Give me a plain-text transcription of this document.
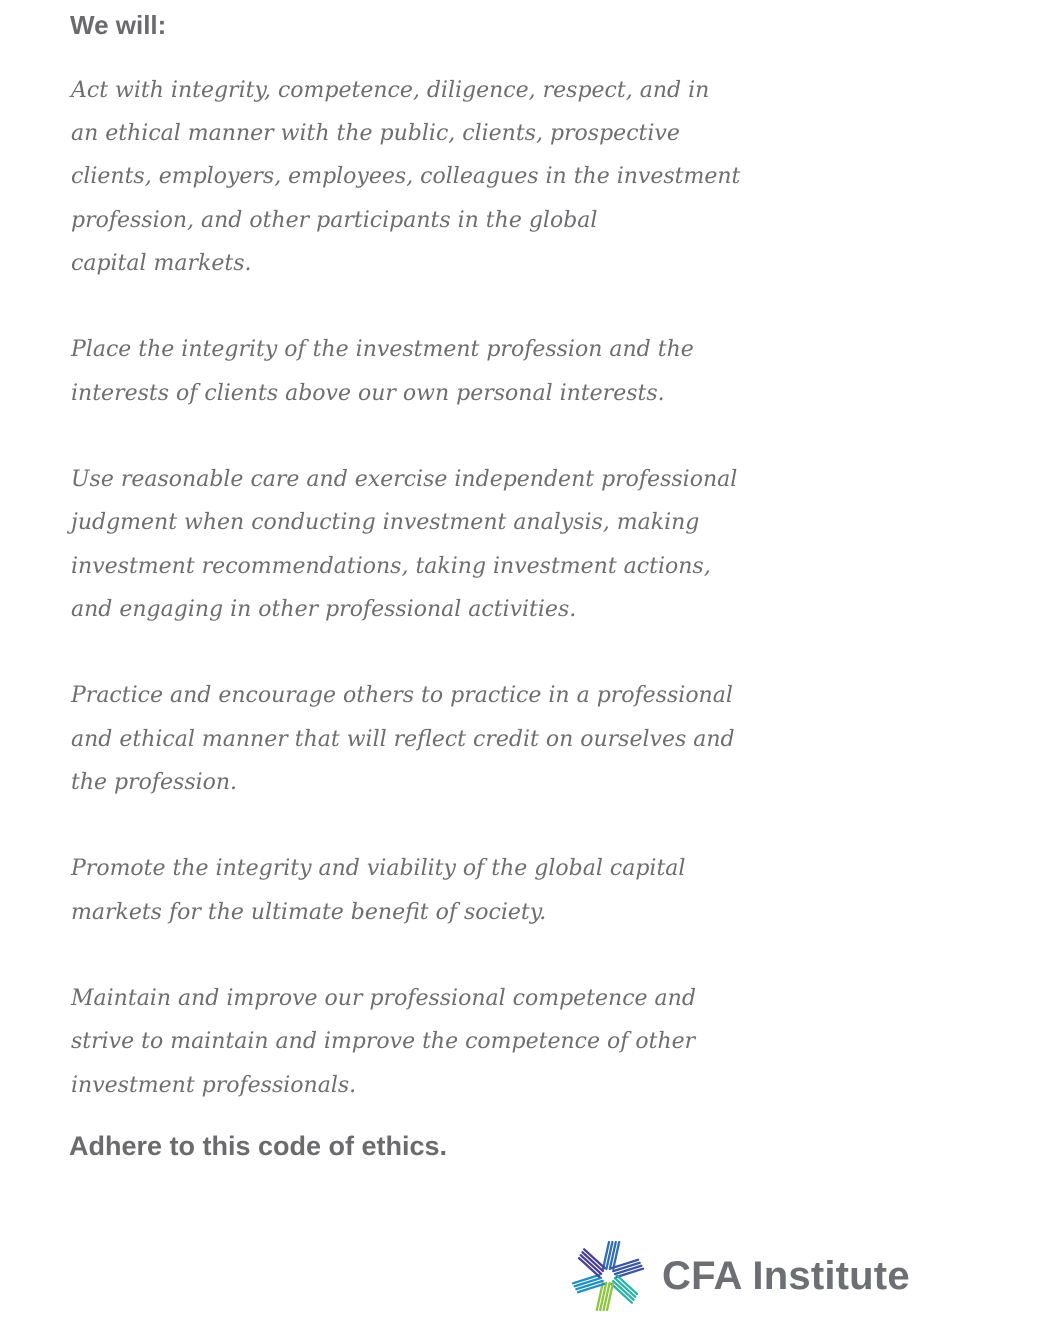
We will:
Act with integrity, competence, diligence, respect, and in
an ethical manner with the public, clients, prospective
clients, employers, employees, colleagues in the investment
profession, and other participants in the global
capital markets.
Place the integrity of the investment profession and the
interests of clients above our own personal interests.
Use reasonable care and exercise independent professional
judgment when conducting investment analysis, making
investment recommendations, taking investment actions,
and engaging in other professional activities.
Practice and encourage others to practice in a professional
and ethical manner that will reflect credit on ourselves and
the profession.
Promote the integrity and viability of the global capital
markets for the ultimate benefit of society.
Maintain and improve our professional competence and
strive to maintain and improve the competence of other
investment professionals.

Adhere to this code of ethics.

CFA Institute
